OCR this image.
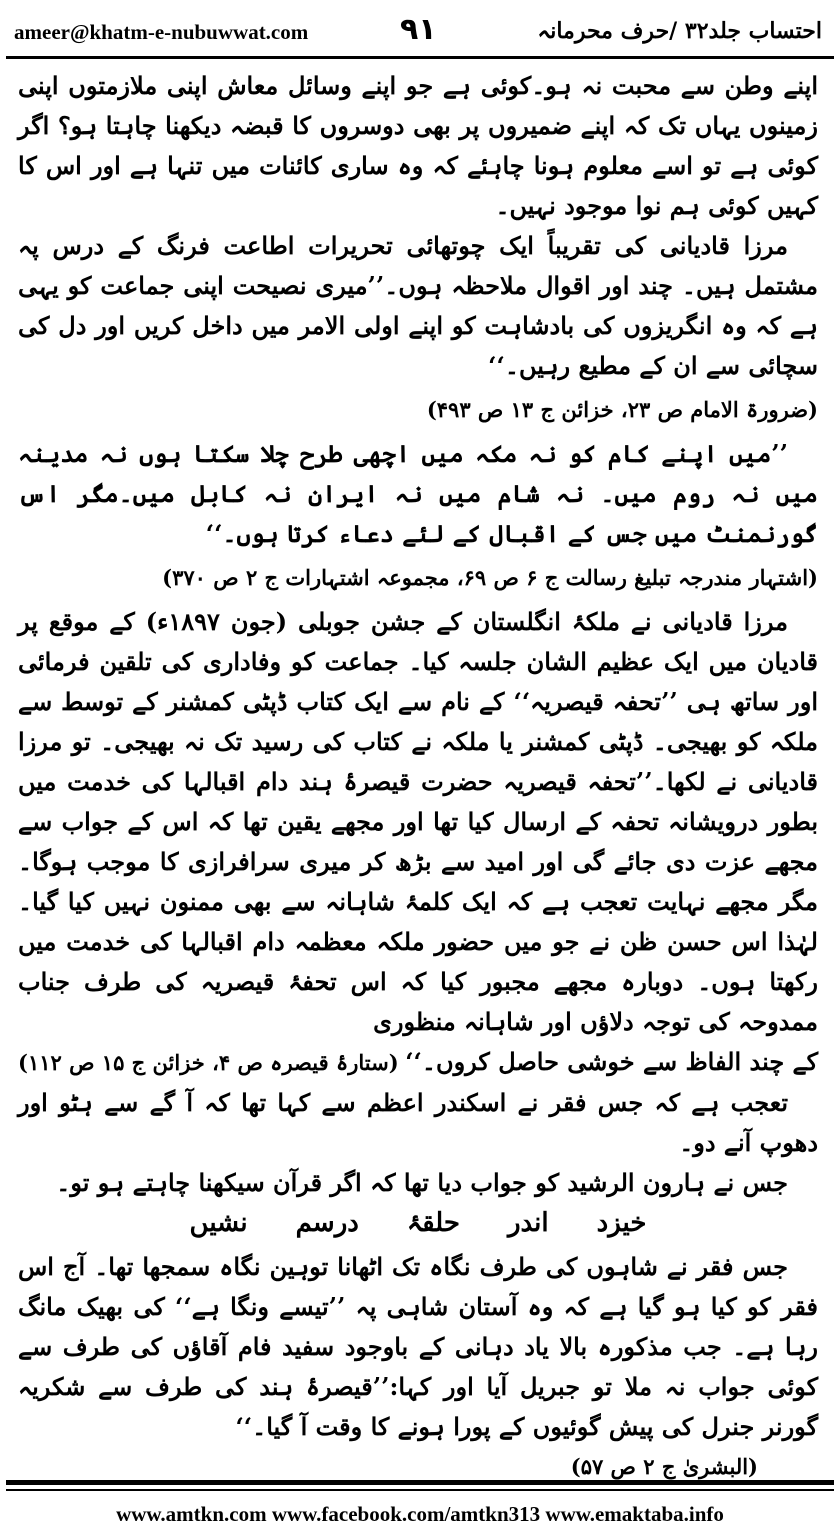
ameer@khatm-e-nubuwwat.com	۹۱	احتساب جلد۳۲ /حرف محرمانہ

اپنے وطن سے محبت نہ ہو۔کوئی ہے جو اپنے وسائل معاش اپنی ملازمتوں اپنی زمینوں یہاں تک کہ اپنے ضمیروں پر بھی دوسروں کا قبضہ دیکھنا چاہتا ہو؟ اگر کوئی ہے تو اسے معلوم ہونا چاہئے کہ وہ ساری کائنات میں تنہا ہے اور اس کا کہیں کوئی ہم نوا موجود نہیں۔

مرزا قادیانی کی تقریباً ایک چوتھائی تحریرات اطاعت فرنگ کے درس پہ مشتمل ہیں۔ چند اور اقوال ملاحظہ ہوں۔’’میری نصیحت اپنی جماعت کو یہی ہے کہ وہ انگریزوں کی بادشاہت کو اپنے اولی الامر میں داخل کریں اور دل کی سچائی سے ان کے مطیع رہیں۔‘‘

(ضرورۃ الامام ص ۲۳، خزائن ج ۱۳ ص ۴۹۳)

’’میں اپنے کام کو نہ مکہ میں اچھی طرح چلا سکتا ہوں نہ مدینہ میں نہ روم میں۔ نہ شام میں نہ ایران نہ کابل میں۔مگر اس گورنمنٹ میں جس کے اقبال کے لئے دعاء کرتا ہوں۔‘‘

(اشتہار مندرجہ تبلیغ رسالت ج ۶ ص ۶۹، مجموعہ اشتہارات ج ۲ ص ۳۷۰)

مرزا قادیانی نے ملکۂ انگلستان کے جشن جوبلی (جون ۱۸۹۷ء) کے موقع پر قادیان میں ایک عظیم الشان جلسہ کیا۔ جماعت کو وفاداری کی تلقین فرمائی اور ساتھ ہی ’’تحفہ قیصریہ‘‘ کے نام سے ایک کتاب ڈپٹی کمشنر کے توسط سے ملکہ کو بھیجی۔ ڈپٹی کمشنر یا ملکہ نے کتاب کی رسید تک نہ بھیجی۔ تو مرزا قادیانی نے لکھا۔’’تحفہ قیصریہ حضرت قیصرۂ ہند دام اقبالہا کی خدمت میں بطور درویشانہ تحفہ کے ارسال کیا تھا اور مجھے یقین تھا کہ اس کے جواب سے مجھے عزت دی جائے گی اور امید سے بڑھ کر میری سرافرازی کا موجب ہوگا۔ مگر مجھے نہایت تعجب ہے کہ ایک کلمۂ شاہانہ سے بھی ممنون نہیں کیا گیا۔ لہٰذا اس حسن ظن نے جو میں حضور ملکہ معظمہ دام اقبالہا کی خدمت میں رکھتا ہوں۔ دوبارہ مجھے مجبور کیا کہ اس تحفۂ قیصریہ کی طرف جناب ممدوحہ کی توجہ دلاؤں اور شاہانہ منظوری

کے چند الفاظ سے خوشی حاصل کروں۔‘‘
(ستارۂ قیصرہ ص ۴، خزائن ج ۱۵ ص ۱۱۲)

تعجب ہے کہ جس فقر نے اسکندر اعظم سے کہا تھا کہ آ گے سے ہٹو اور دھوپ آنے دو۔

جس نے ہارون الرشید کو جواب دیا تھا کہ اگر قرآن سیکھنا چاہتے ہو تو۔

خیزد
اندر
حلقۂ
درسم
نشیں

جس فقر نے شاہوں کی طرف نگاہ تک اٹھانا توہین نگاہ سمجھا تھا۔ آج اس فقر کو کیا ہو گیا ہے کہ وہ آستان شاہی پہ ’’تیسے ونگا ہے‘‘ کی بھیک مانگ رہا ہے۔ جب مذکورہ بالا یاد دہانی کے باوجود سفید فام آقاؤں کی طرف سے کوئی جواب نہ ملا تو جبریل آیا اور کہا:’’قیصرۂ ہند کی طرف سے شکریہ گورنر جنرل کی پیش گوئیوں کے پورا ہونے کا وقت آ گیا۔‘‘

(البشریٰ ج ۲ ص ۵۷)
www.amtkn.com www.facebook.com/amtkn313 www.emaktaba.info
